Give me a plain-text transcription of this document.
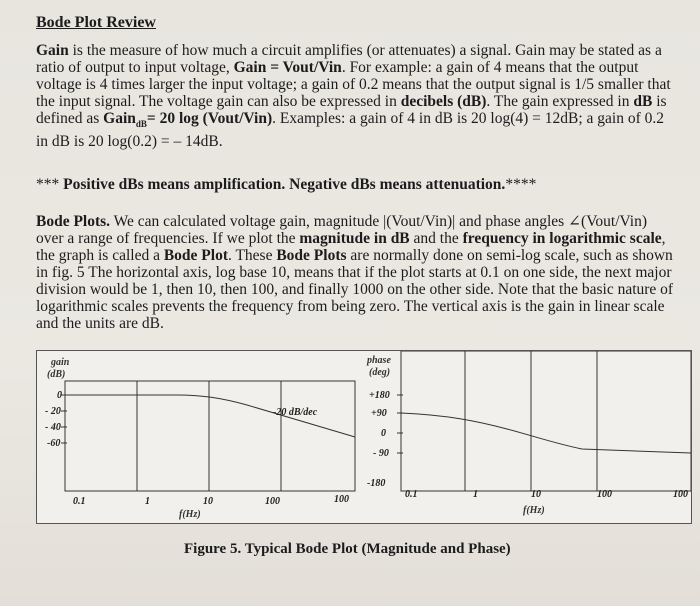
Bode Plot Review

Gain is the measure of how much a circuit amplifies (or attenuates) a signal. Gain may be stated as a ratio of output to input voltage, Gain = Vout/Vin. For example: a gain of 4 means that the output voltage is 4 times larger the input voltage; a gain of 0.2 means that the output signal is 1/5 smaller that the input signal. The voltage gain can also be expressed in decibels (dB). The gain expressed in dB is defined as Gain$_{dB}$= 20 log (Vout/Vin). Examples: a gain of 4 in dB is 20 log(4) = 12dB; a gain of 0.2 in dB is 20 log(0.2) = – 14dB.

*** Positive dBs means amplification. Negative dBs means attenuation.****

Bode Plots. We can calculated voltage gain, magnitude |(Vout/Vin)| and phase angles ∠(Vout/Vin) over a range of frequencies. If we plot the magnitude in dB and the frequency in logarithmic scale, the graph is called a Bode Plot. These Bode Plots are normally done on semi-log scale, such as shown in fig. 5 The horizontal axis, log base 10, means that if the plot starts at 0.1 on one side, the next major division would be 1, then 10, then 100, and finally 1000 on the other side. Note that the basic nature of logarithmic scales prevents the frequency from being zero. The vertical axis is the gain in linear scale and the units are dB.

gain
(dB)
0
- 20
- 40
-60
-20 dB/dec
0.1	1	10	100	100
f(Hz)
phase
(deg)
+180
+90
0
- 90
-180
0.1	1	10	100	100
f(Hz)
Figure 5. Typical Bode Plot (Magnitude and Phase)
